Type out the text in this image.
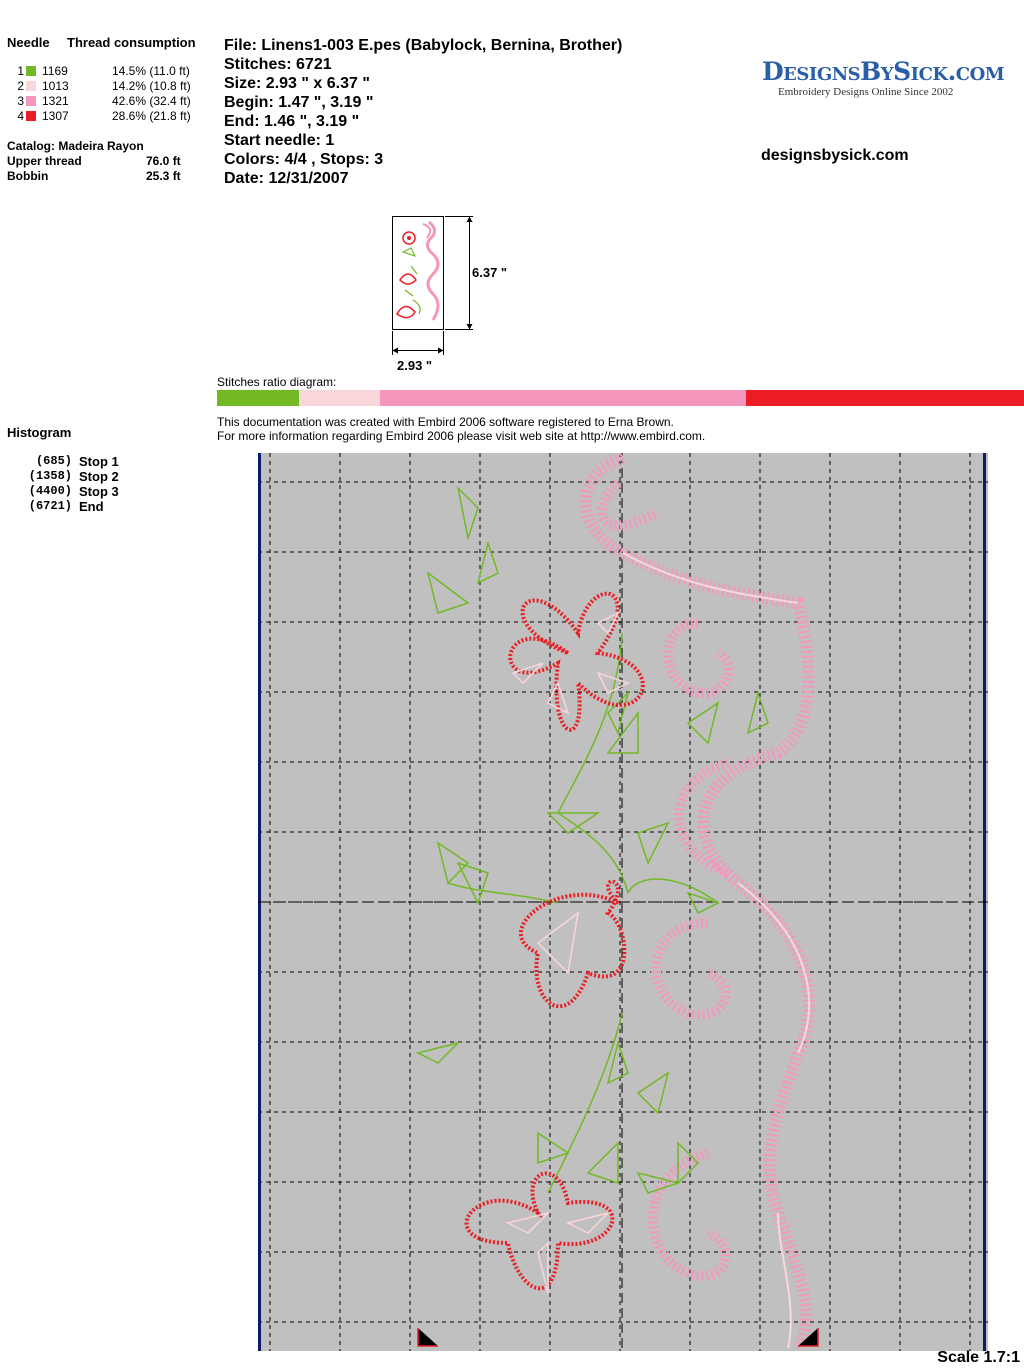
Needle Thread consumption
1 1169	14.5% (11.0 ft)
2 1013	14.2% (10.8 ft)
3 1321	42.6% (32.4 ft)
4 1307	28.6% (21.8 ft)
Catalog: Madeira Rayon
Upper thread	76.0 ft
Bobbin	25.3 ft
File: Linens1-003 E.pes (Babylock, Bernina, Brother)
Stitches: 6721
Size: 2.93 " x 6.37 "
Begin: 1.47 ", 3.19 "
End: 1.46 ", 3.19 "
Start needle: 1
Colors: 4/4 , Stops: 3
Date: 12/31/2007
DesignsBySick.com
Embroidery Designs Online Since 2002
designsbysick.com
6.37 "
2.93 "
Stitches ratio diagram:
This documentation was created with Embird 2006 software registered to Erna Brown.
For more information regarding Embird 2006 please visit web site at http://www.embird.com.
Histogram
(685) Stop 1
(1358) Stop 2
(4400) Stop 3
(6721) End
Scale 1.7:1
